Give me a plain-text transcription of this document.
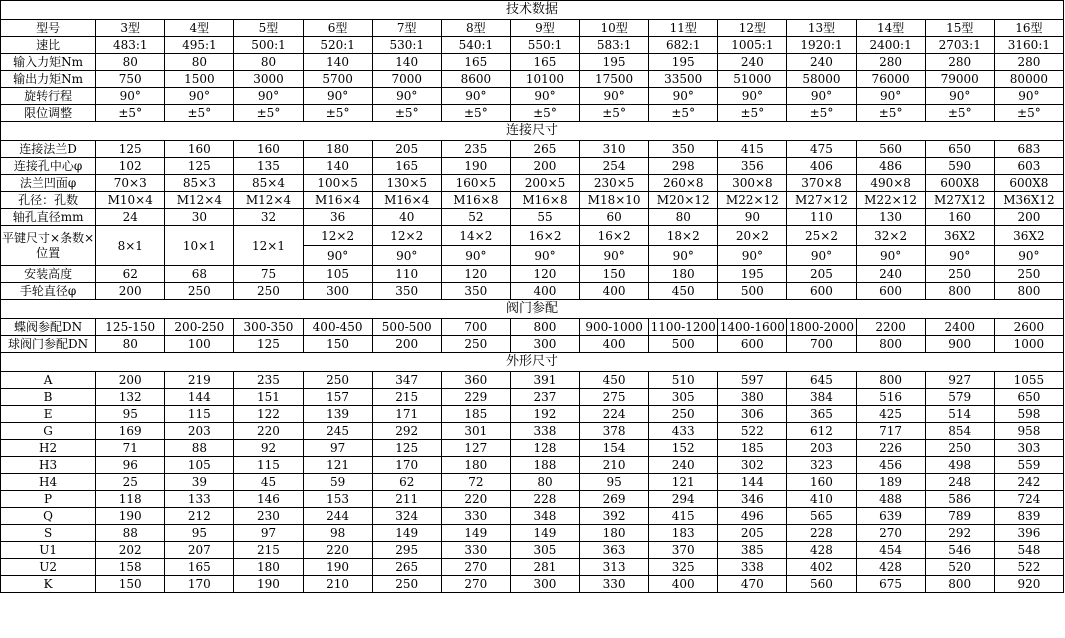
技术数据														
型号	3型	4型	5型	6型	7型	8型	9型	10型	11型	12型	13型	14型	15型	16型
速比	483:1	495:1	500:1	520:1	530:1	540:1	550:1	583:1	682:1	1005:1	1920:1	2400:1	2703:1	3160:1
输入力矩Nm	80	80	80	140	140	165	165	195	195	240	240	280	280	280
输出力矩Nm	750	1500	3000	5700	7000	8600	10100	17500	33500	51000	58000	76000	79000	80000
旋转行程	90°	90°	90°	90°	90°	90°	90°	90°	90°	90°	90°	90°	90°	90°
限位调整	±5°	±5°	±5°	±5°	±5°	±5°	±5°	±5°	±5°	±5°	±5°	±5°	±5°	±5°
连接尺寸														
连接法兰D	125	160	160	180	205	235	265	310	350	415	475	560	650	683
连接孔中心φ	102	125	135	140	165	190	200	254	298	356	406	486	590	603
法兰凹面φ	70×3	85×3	85×4	100×5	130×5	160×5	200×5	230×5	260×8	300×8	370×8	490×8	600X8	600X8
孔径：孔数	M10×4	M12×4	M12×4	M16×4	M16×4	M16×8	M16×8	M18×10	M20×12	M22×12	M27×12	M22×12	M27X12	M36X12
轴孔直径mm	24	30	32	36	40	52	55	60	80	90	110	130	160	200
平键尺寸×条数×位置	8×1	10×1	12×1	12×2	12×2	14×2	16×2	16×2	18×2	20×2	25×2	32×2	36X2	36X2
				90°	90°	90°	90°	90°	90°	90°	90°	90°	90°	90°
安装高度	62	68	75	105	110	120	120	150	180	195	205	240	250	250
手轮直径φ	200	250	250	300	350	350	400	400	450	500	600	600	800	800
阀门参配														
蝶阀参配DN	125-150	200-250	300-350	400-450	500-500	700	800	900-1000	1100-1200	1400-1600	1800-2000	2200	2400	2600
球阀门参配DN	80	100	125	150	200	250	300	400	500	600	700	800	900	1000
外形尺寸														
A	200	219	235	250	347	360	391	450	510	597	645	800	927	1055
B	132	144	151	157	215	229	237	275	305	380	384	516	579	650
E	95	115	122	139	171	185	192	224	250	306	365	425	514	598
G	169	203	220	245	292	301	338	378	433	522	612	717	854	958
H2	71	88	92	97	125	127	128	154	152	185	203	226	250	303
H3	96	105	115	121	170	180	188	210	240	302	323	456	498	559
H4	25	39	45	59	62	72	80	95	121	144	160	189	248	242
P	118	133	146	153	211	220	228	269	294	346	410	488	586	724
Q	190	212	230	244	324	330	348	392	415	496	565	639	789	839
S	88	95	97	98	149	149	149	180	183	205	228	270	292	396
U1	202	207	215	220	295	330	305	363	370	385	428	454	546	548
U2	158	165	180	190	265	270	281	313	325	338	402	428	520	522
K	150	170	190	210	250	270	300	330	400	470	560	675	800	920
